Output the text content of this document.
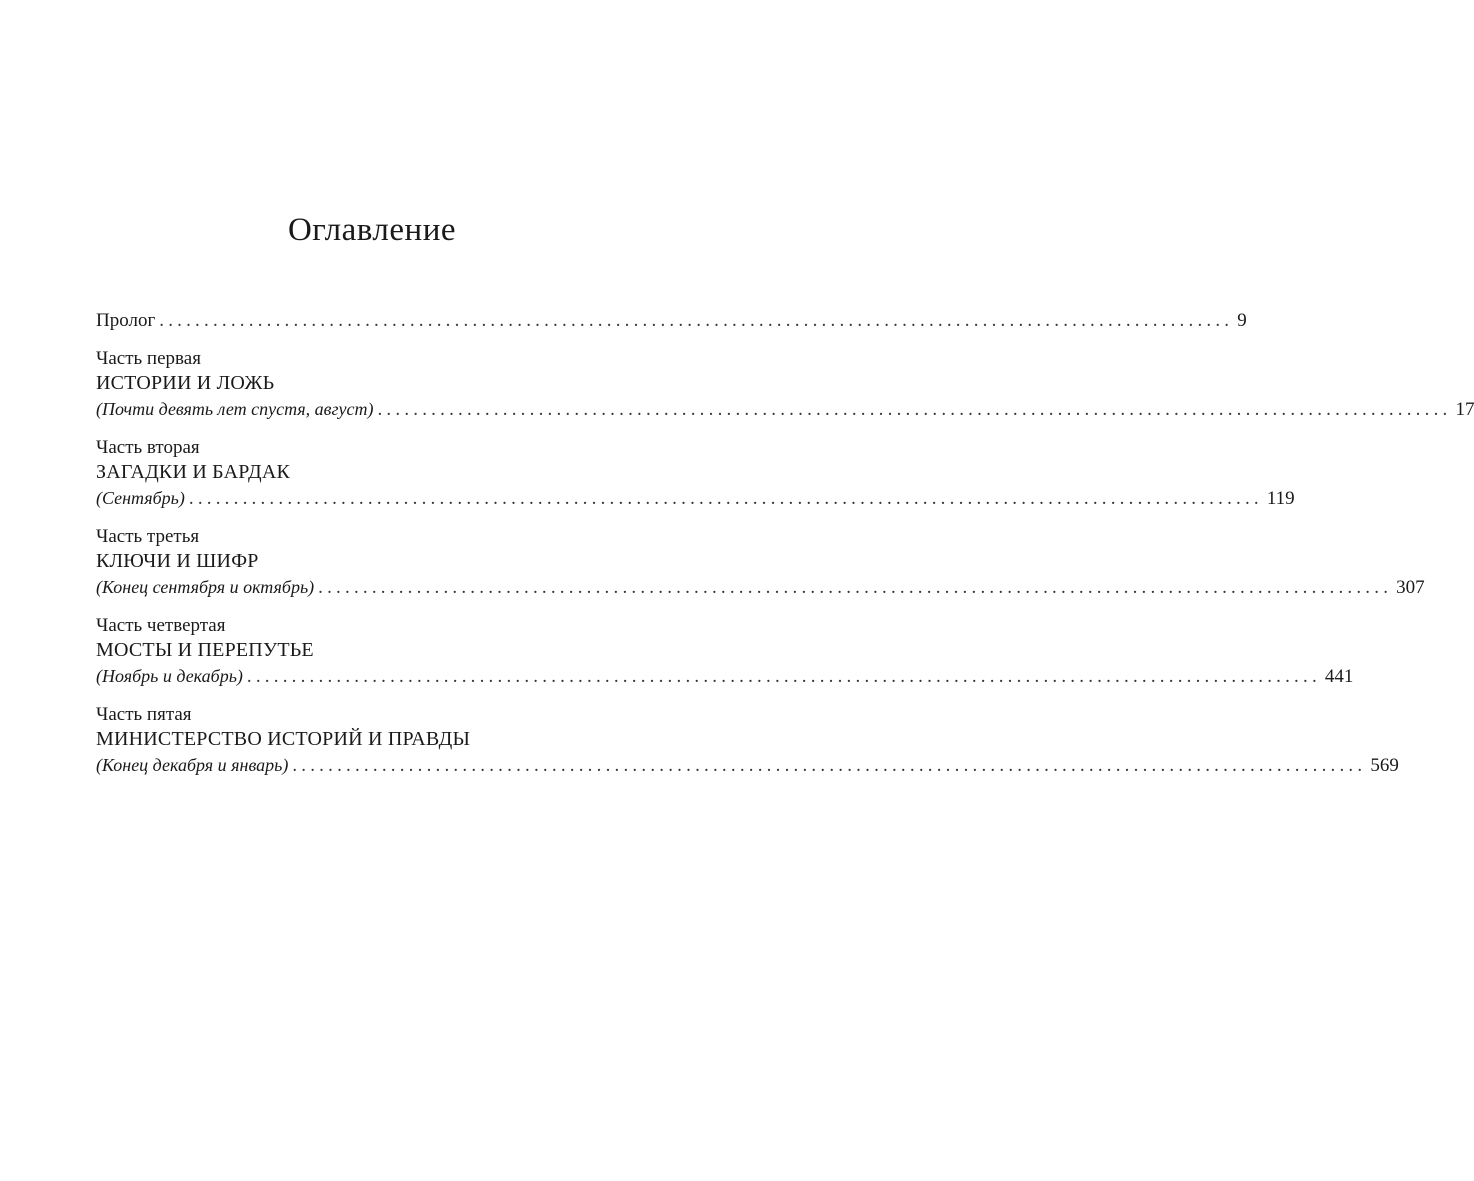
Оглавление
Пролог ........................................................................................................................ 9
Часть первая
ИСТОРИИ И ЛОЖЬ
(Почти девять лет спустя, август) ........................................................................................................................ 17
Часть вторая
ЗАГАДКИ И БАРДАК
(Сентябрь) ........................................................................................................................ 119
Часть третья
КЛЮЧИ И ШИФР
(Конец сентября и октябрь) ........................................................................................................................ 307
Часть четвертая
МОСТЫ И ПЕРЕПУТЬЕ
(Ноябрь и декабрь) ........................................................................................................................ 441
Часть пятая
МИНИСТЕРСТВО ИСТОРИЙ И ПРАВДЫ
(Конец декабря и январь) ........................................................................................................................ 569
